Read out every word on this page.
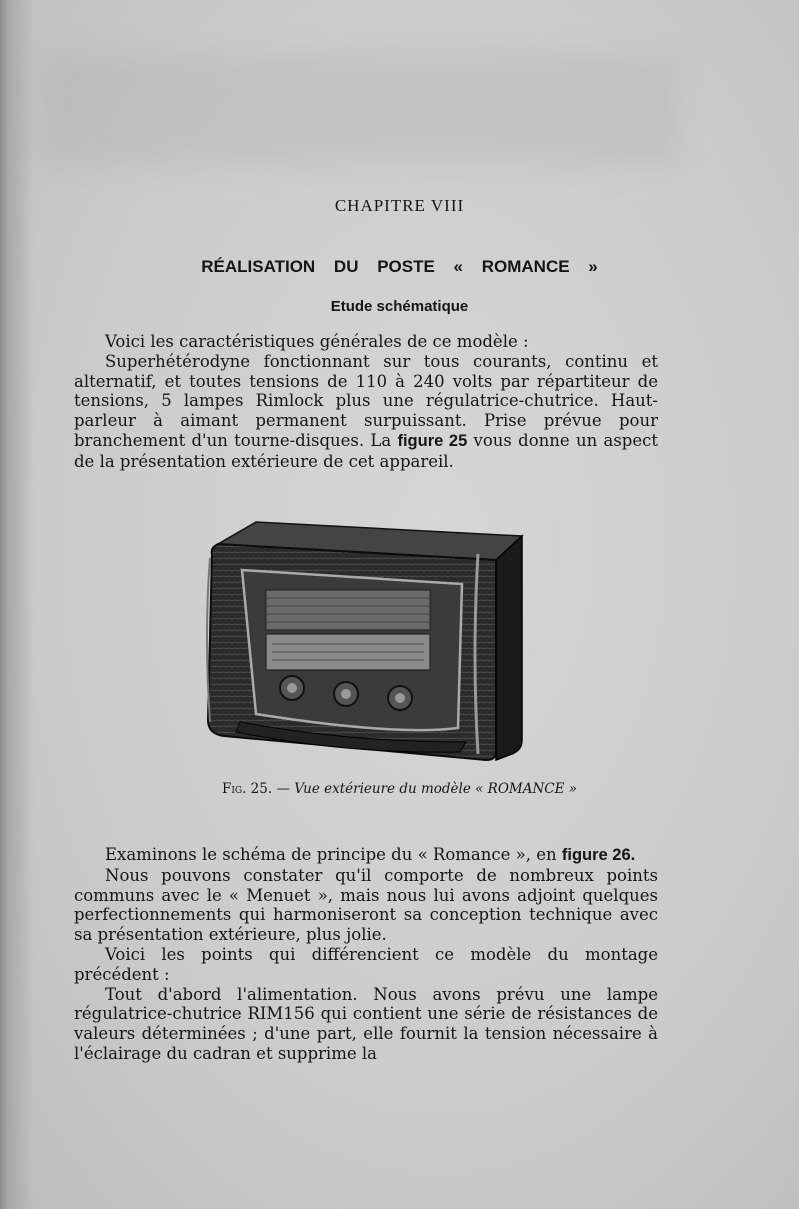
CHAPITRE VIII
RÉALISATION DU POSTE « ROMANCE »
Etude schématique

Voici les caractéristiques générales de ce modèle :

Superhétérodyne fonctionnant sur tous courants, continu et alternatif, et toutes tensions de 110 à 240 volts par répartiteur de tensions, 5 lampes Rimlock plus une régulatrice-chutrice. Haut-parleur à aimant permanent surpuissant. Prise prévue pour branchement d'un tourne-disques. La figure 25 vous donne un aspect de la présentation extérieure de cet appareil.

Fig. 25. — Vue extérieure du modèle « ROMANCE »

Examinons le schéma de principe du « Romance », en figure 26.

Nous pouvons constater qu'il comporte de nombreux points communs avec le « Menuet », mais nous lui avons adjoint quelques perfectionnements qui harmoniseront sa conception technique avec sa présentation extérieure, plus jolie.

Voici les points qui différencient ce modèle du montage précédent :

Tout d'abord l'alimentation. Nous avons prévu une lampe régulatrice-chutrice RIM156 qui contient une série de résistances de valeurs déterminées ; d'une part, elle fournit la tension nécessaire à l'éclairage du cadran et supprime la
